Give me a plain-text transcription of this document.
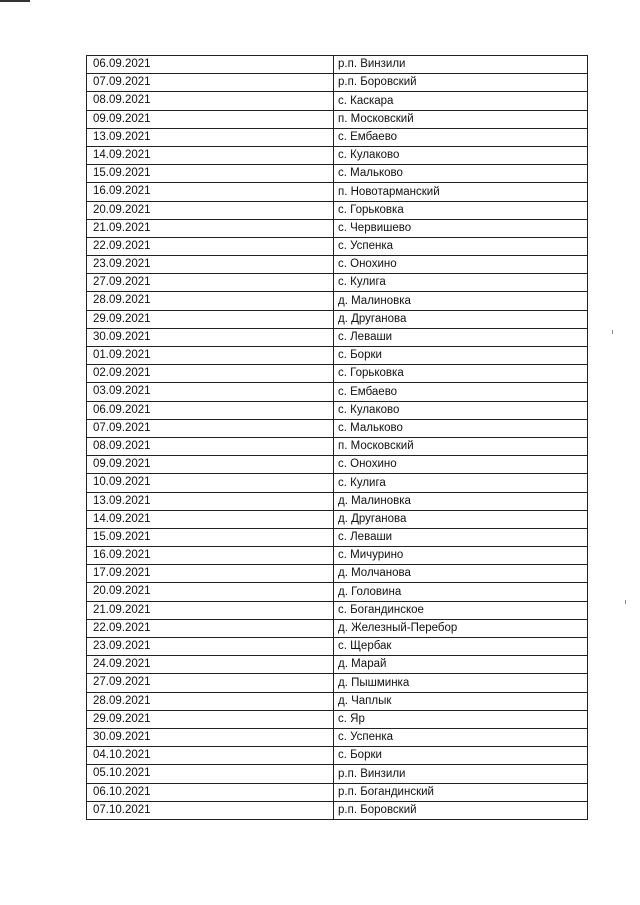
06.09.2021	р.п. Винзили
07.09.2021	р.п. Боровский
08.09.2021	с. Каскара
09.09.2021	п. Московский
13.09.2021	с. Ембаево
14.09.2021	с. Кулаково
15.09.2021	с. Мальково
16.09.2021	п. Новотарманский
20.09.2021	с. Горьковка
21.09.2021	с. Червишево
22.09.2021	с. Успенка
23.09.2021	с. Онохино
27.09.2021	с. Кулига
28.09.2021	д. Малиновка
29.09.2021	д. Друганова
30.09.2021	с. Леваши
01.09.2021	с. Борки
02.09.2021	с. Горьковка
03.09.2021	с. Ембаево
06.09.2021	с. Кулаково
07.09.2021	с. Мальково
08.09.2021	п. Московский
09.09.2021	с. Онохино
10.09.2021	с. Кулига
13.09.2021	д. Малиновка
14.09.2021	д. Друганова
15.09.2021	с. Леваши
16.09.2021	с. Мичурино
17.09.2021	д. Молчанова
20.09.2021	д. Головина
21.09.2021	с. Богандинское
22.09.2021	д. Железный-Перебор
23.09.2021	с. Щербак
24.09.2021	д. Марай
27.09.2021	д. Пышминка
28.09.2021	д. Чаплык
29.09.2021	с. Яр
30.09.2021	с. Успенка
04.10.2021	с. Борки
05.10.2021	р.п. Винзили
06.10.2021	р.п. Богандинский
07.10.2021	р.п. Боровский
